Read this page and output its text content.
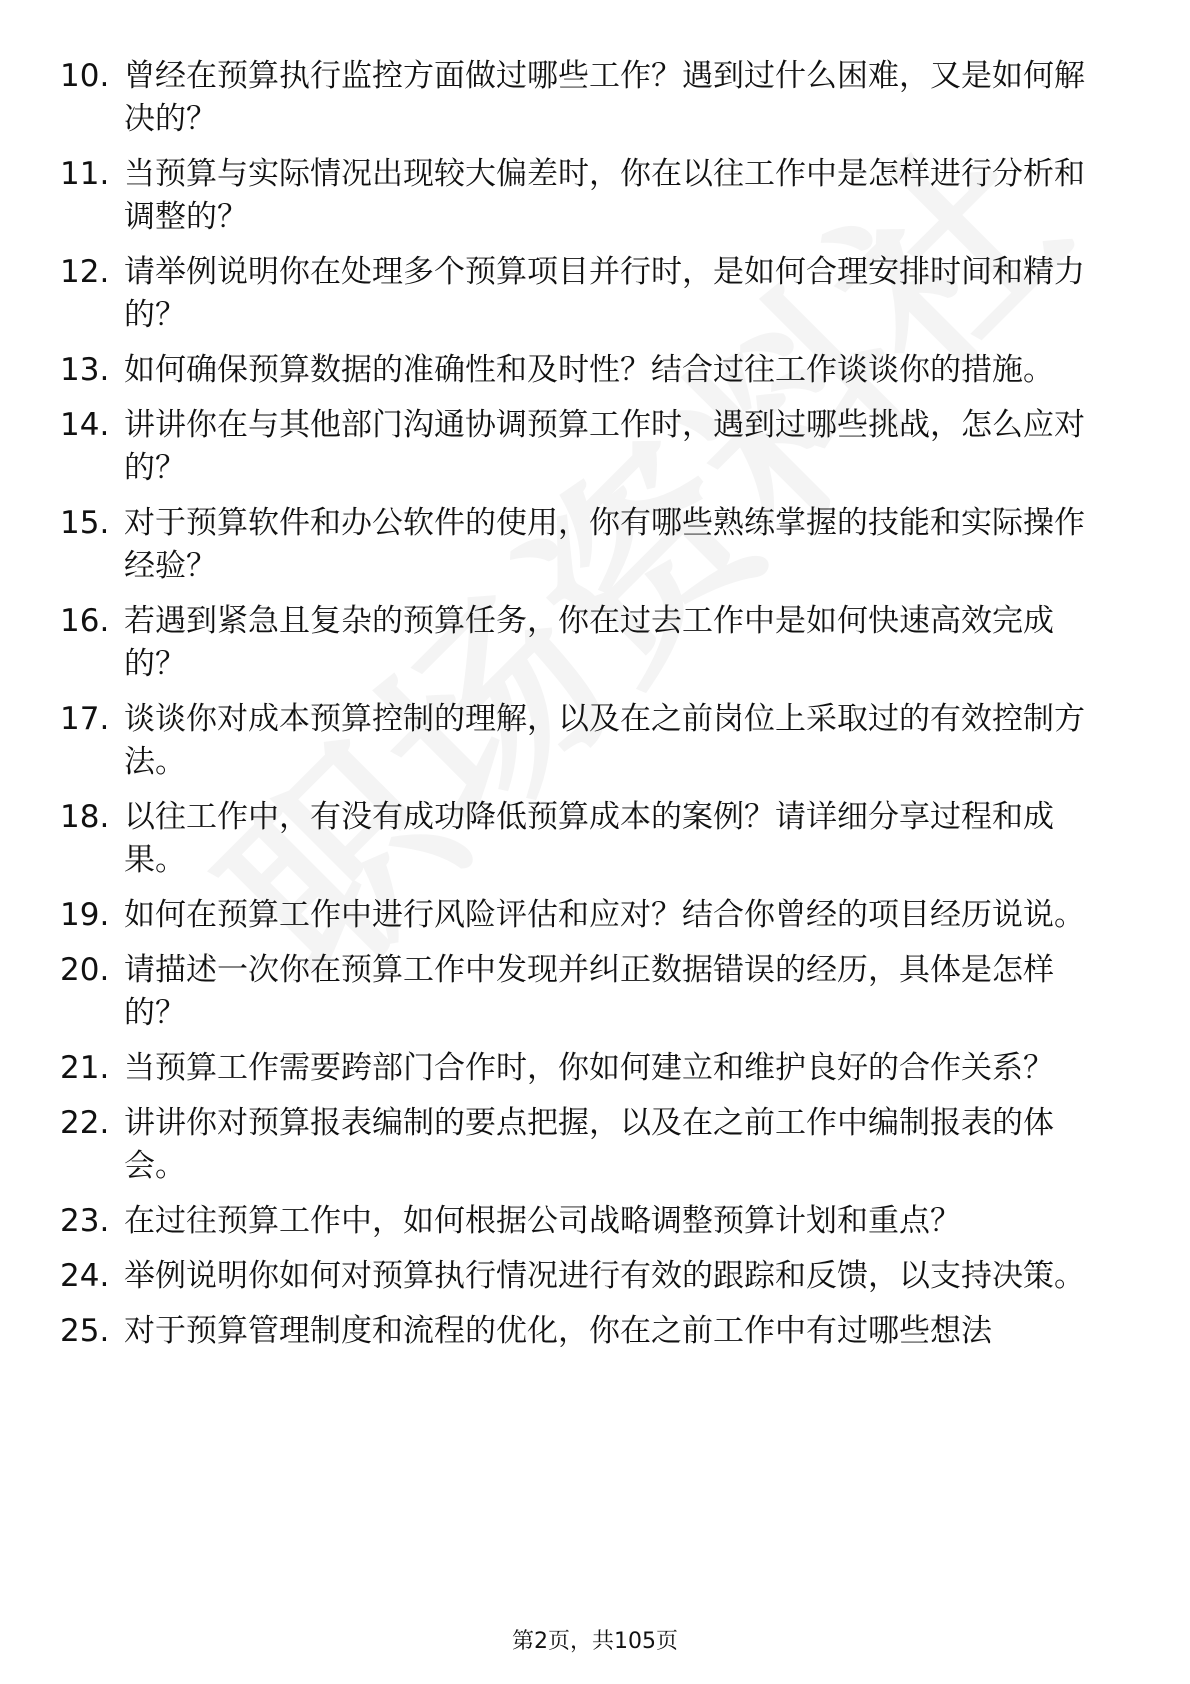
10. 曾经在预算执行监控方面做过哪些工作？遇到过什么困难，又是如何解决的？
11. 当预算与实际情况出现较大偏差时，你在以往工作中是怎样进行分析和调整的？
12. 请举例说明你在处理多个预算项目并行时，是如何合理安排时间和精力的？
13. 如何确保预算数据的准确性和及时性？结合过往工作谈谈你的措施。
14. 讲讲你在与其他部门沟通协调预算工作时，遇到过哪些挑战，怎么应对的？
15. 对于预算软件和办公软件的使用，你有哪些熟练掌握的技能和实际操作经验？
16. 若遇到紧急且复杂的预算任务，你在过去工作中是如何快速高效完成的？
17. 谈谈你对成本预算控制的理解，以及在之前岗位上采取过的有效控制方法。
18. 以往工作中，有没有成功降低预算成本的案例？请详细分享过程和成果。
19. 如何在预算工作中进行风险评估和应对？结合你曾经的项目经历说说。
20. 请描述一次你在预算工作中发现并纠正数据错误的经历，具体是怎样的？
21. 当预算工作需要跨部门合作时，你如何建立和维护良好的合作关系？
22. 讲讲你对预算报表编制的要点把握，以及在之前工作中编制报表的体会。
23. 在过往预算工作中，如何根据公司战略调整预算计划和重点？
24. 举例说明你如何对预算执行情况进行有效的跟踪和反馈，以支持决策。
25. 对于预算管理制度和流程的优化，你在之前工作中有过哪些想法
第2页，共105页
